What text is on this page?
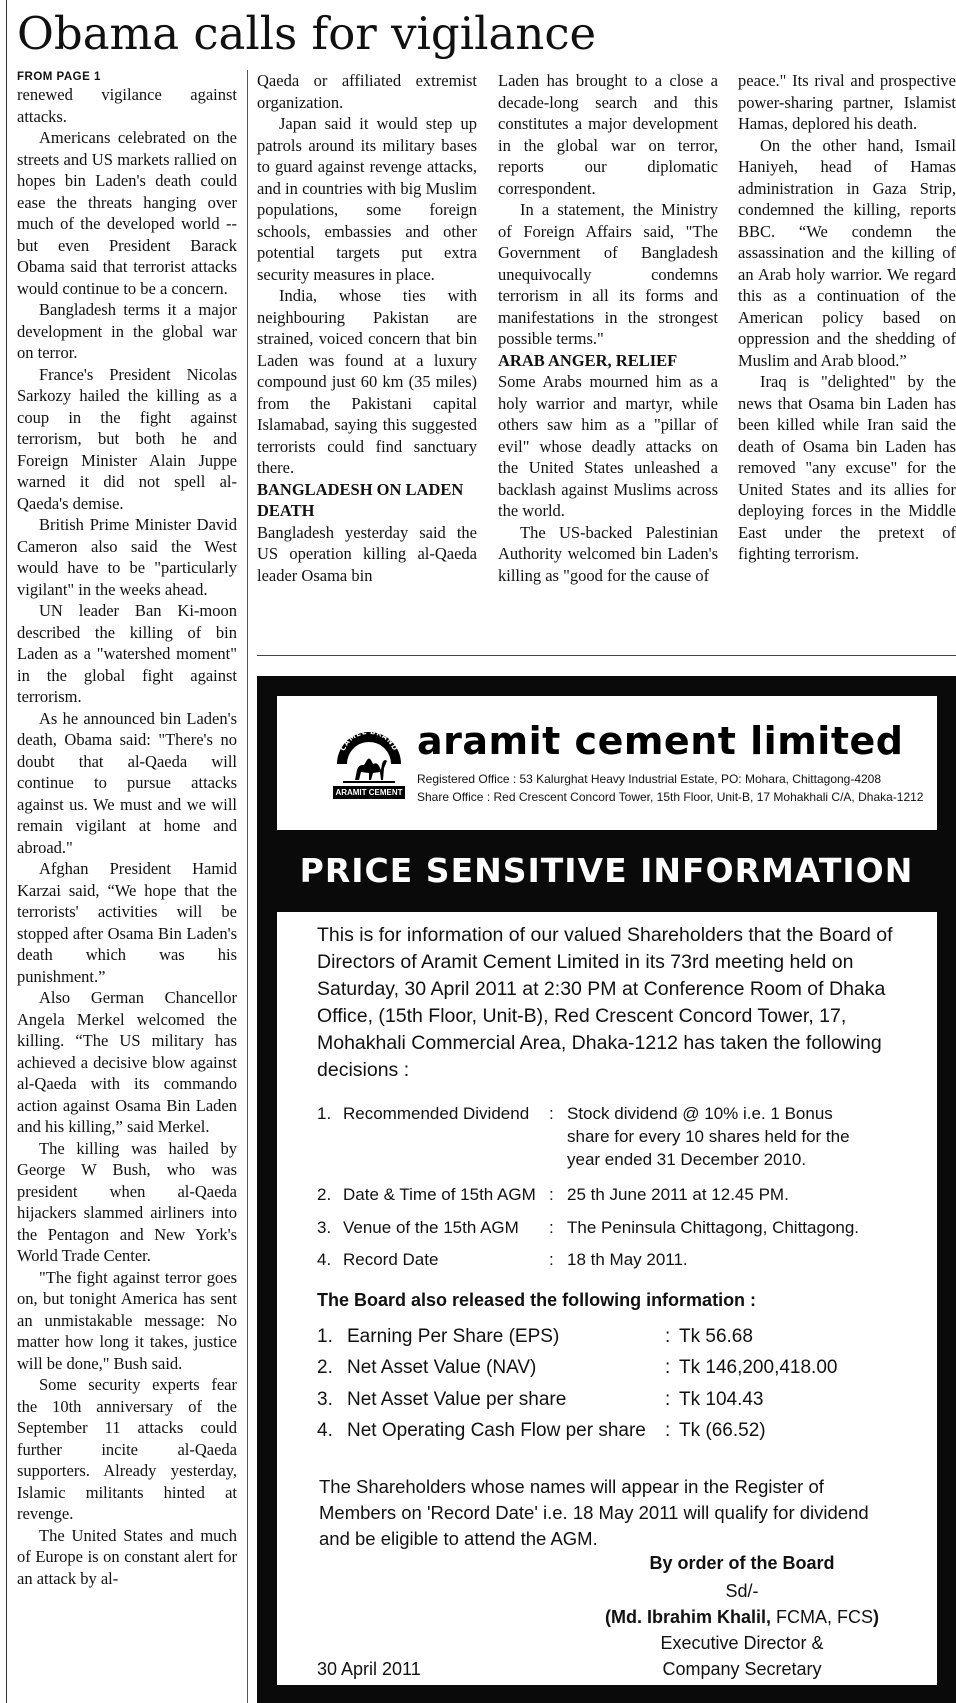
Obama calls for vigilance

FROM PAGE 1

renewed vigilance against attacks.

Americans celebrated on the streets and US markets rallied on hopes bin Laden's death could ease the threats hanging over much of the developed world -- but even President Barack Obama said that terrorist attacks would continue to be a concern.

Bangladesh terms it a major development in the global war on terror.

France's President Nicolas Sarkozy hailed the killing as a coup in the fight against terrorism, but both he and Foreign Minister Alain Juppe warned it did not spell al-Qaeda's demise.

British Prime Minister David Cameron also said the West would have to be "particularly vigilant" in the weeks ahead.

UN leader Ban Ki-moon described the killing of bin Laden as a "watershed moment" in the global fight against terrorism.

As he announced bin Laden's death, Obama said: "There's no doubt that al-Qaeda will continue to pursue attacks against us. We must and we will remain vigilant at home and abroad."

Afghan President Hamid Karzai said, “We hope that the terrorists' activities will be stopped after Osama Bin Laden's death which was his punishment.”

Also German Chancellor Angela Merkel welcomed the killing. “The US military has achieved a decisive blow against al-Qaeda with its commando action against Osama Bin Laden and his killing,” said Merkel.

The killing was hailed by George W Bush, who was president when al-Qaeda hijackers slammed airliners into the Pentagon and New York's World Trade Center.

"The fight against terror goes on, but tonight America has sent an unmistakable message: No matter how long it takes, justice will be done," Bush said.

Some security experts fear the 10th anniversary of the September 11 attacks could further incite al-Qaeda supporters. Already yesterday, Islamic militants hinted at revenge.

The United States and much of Europe is on constant alert for an attack by al-

Qaeda or affiliated extremist organization.

Japan said it would step up patrols around its military bases to guard against revenge attacks, and in countries with big Muslim populations, some foreign schools, embassies and other potential targets put extra security measures in place.

India, whose ties with neighbouring Pakistan are strained, voiced concern that bin Laden was found at a luxury compound just 60 km (35 miles) from the Pakistani capital Islamabad, saying this suggested terrorists could find sanctuary there.

BANGLADESH ON LADEN DEATH

Bangladesh yesterday said the US operation killing al-Qaeda leader Osama bin

Laden has brought to a close a decade-long search and this constitutes a major development in the global war on terror, reports our diplomatic correspondent.

In a statement, the Ministry of Foreign Affairs said, "The Government of Bangladesh unequivocally condemns terrorism in all its forms and manifestations in the strongest possible terms."

ARAB ANGER, RELIEF

Some Arabs mourned him as a holy warrior and martyr, while others saw him as a "pillar of evil" whose deadly attacks on the United States unleashed a backlash against Muslims across the world.

The US-backed Palestinian Authority welcomed bin Laden's killing as "good for the cause of

peace." Its rival and prospective power-sharing partner, Islamist Hamas, deplored his death.

On the other hand, Ismail Haniyeh, head of Hamas administration in Gaza Strip, condemned the killing, reports BBC. “We condemn the assassination and the killing of an Arab holy warrior. We regard this as a continuation of the American policy based on oppression and the shedding of Muslim and Arab blood.”

Iraq is "delighted" by the news that Osama bin Laden has been killed while Iran said the death of Osama bin Laden has removed "any excuse" for the United States and its allies for deploying forces in the Middle East under the pretext of fighting terrorism.

CAMEL BRAND
ARAMIT CEMENT
aramit cement limited
Registered Office : 53 Kalurghat Heavy Industrial Estate, PO: Mohara, Chittagong-4208
Share Office : Red Crescent Concord Tower, 15th Floor, Unit-B, 17 Mohakhali C/A, Dhaka-1212
PRICE SENSITIVE INFORMATION
This is for information of our valued Shareholders that the Board of Directors of Aramit Cement Limited in its 73rd meeting held on Saturday, 30 April 2011 at 2:30 PM at Conference Room of Dhaka Office, (15th Floor, Unit-B), Red Crescent Concord Tower, 17, Mohakhali Commercial Area, Dhaka-1212 has taken the following decisions :
1. Recommended Dividend : Stock dividend @ 10% i.e. 1 Bonus share for every 10 shares held for the year ended 31 December 2010.
2. Date & Time of 15th AGM : 25 th June 2011 at 12.45 PM.
3. Venue of the 15th AGM : The Peninsula Chittagong, Chittagong.
4. Record Date	: 18 th May 2011.
The Board also released the following information :
1. Earning Per Share (EPS)	: Tk 56.68
2. Net Asset Value (NAV)	: Tk 146,200,418.00
3. Net Asset Value per share	: Tk 104.43
4. Net Operating Cash Flow per share : Tk (66.52)
The Shareholders whose names will appear in the Register of Members on 'Record Date' i.e. 18 May 2011 will qualify for dividend and be eligible to attend the AGM.
By order of the Board
Sd/-
(Md. Ibrahim Khalil, FCMA, FCS)
Executive Director &
Company Secretary
30 April 2011
